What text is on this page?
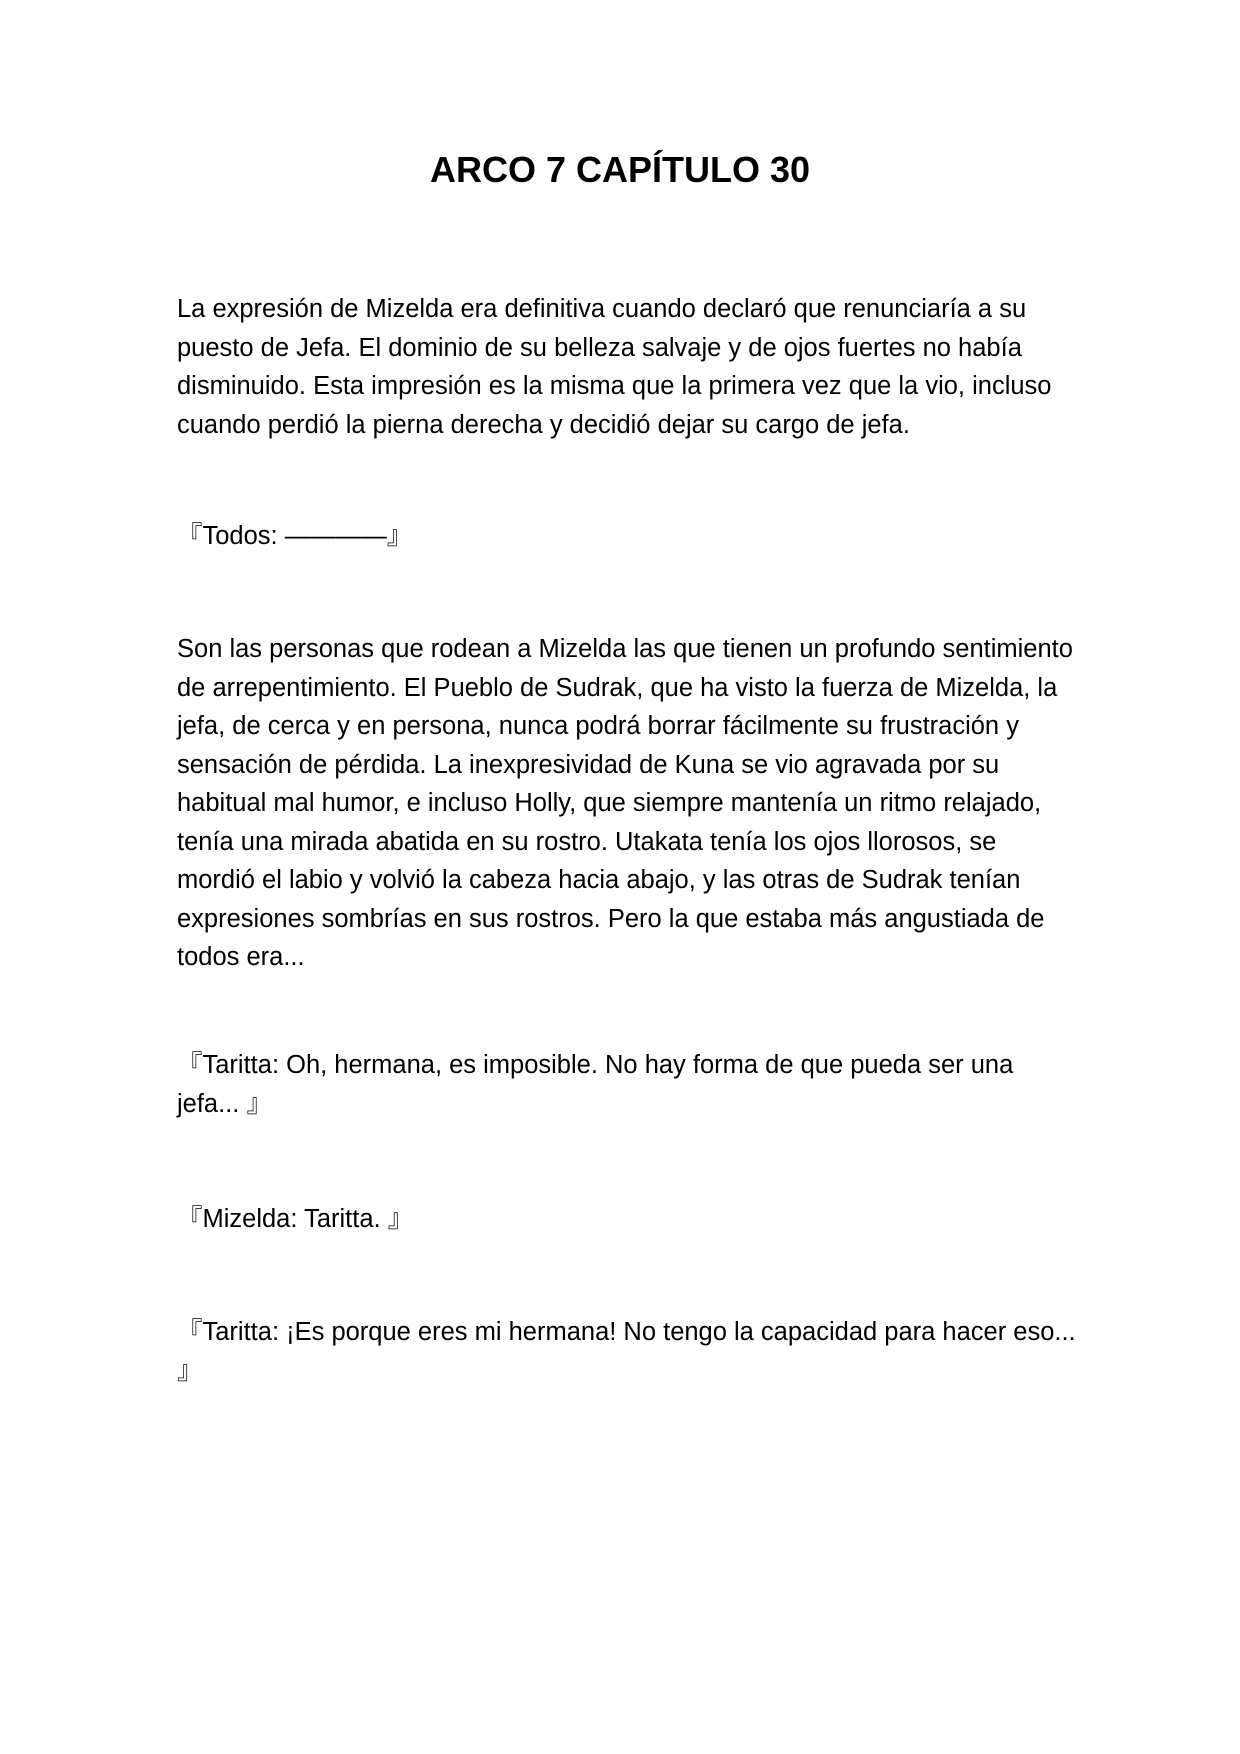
ARCO 7 CAPÍTULO 30

La expresión de Mizelda era definitiva cuando declaró que renunciaría a su puesto de Jefa. El dominio de su belleza salvaje y de ojos fuertes no había disminuido. Esta impresión es la misma que la primera vez que la vio, incluso cuando perdió la pierna derecha y decidió dejar su cargo de jefa.

『Todos: ————』

Son las personas que rodean a Mizelda las que tienen un profundo sentimiento de arrepentimiento. El Pueblo de Sudrak, que ha visto la fuerza de Mizelda, la jefa, de cerca y en persona, nunca podrá borrar fácilmente su frustración y sensación de pérdida. La inexpresividad de Kuna se vio agravada por su habitual mal humor, e incluso Holly, que siempre mantenía un ritmo relajado, tenía una mirada abatida en su rostro. Utakata tenía los ojos llorosos, se mordió el labio y volvió la cabeza hacia abajo, y las otras de Sudrak tenían expresiones sombrías en sus rostros. Pero la que estaba más angustiada de todos era...

『Taritta: Oh, hermana, es imposible. No hay forma de que pueda ser una jefa... 』

『Mizelda: Taritta. 』

『Taritta: ¡Es porque eres mi hermana! No tengo la capacidad para hacer eso... 』
